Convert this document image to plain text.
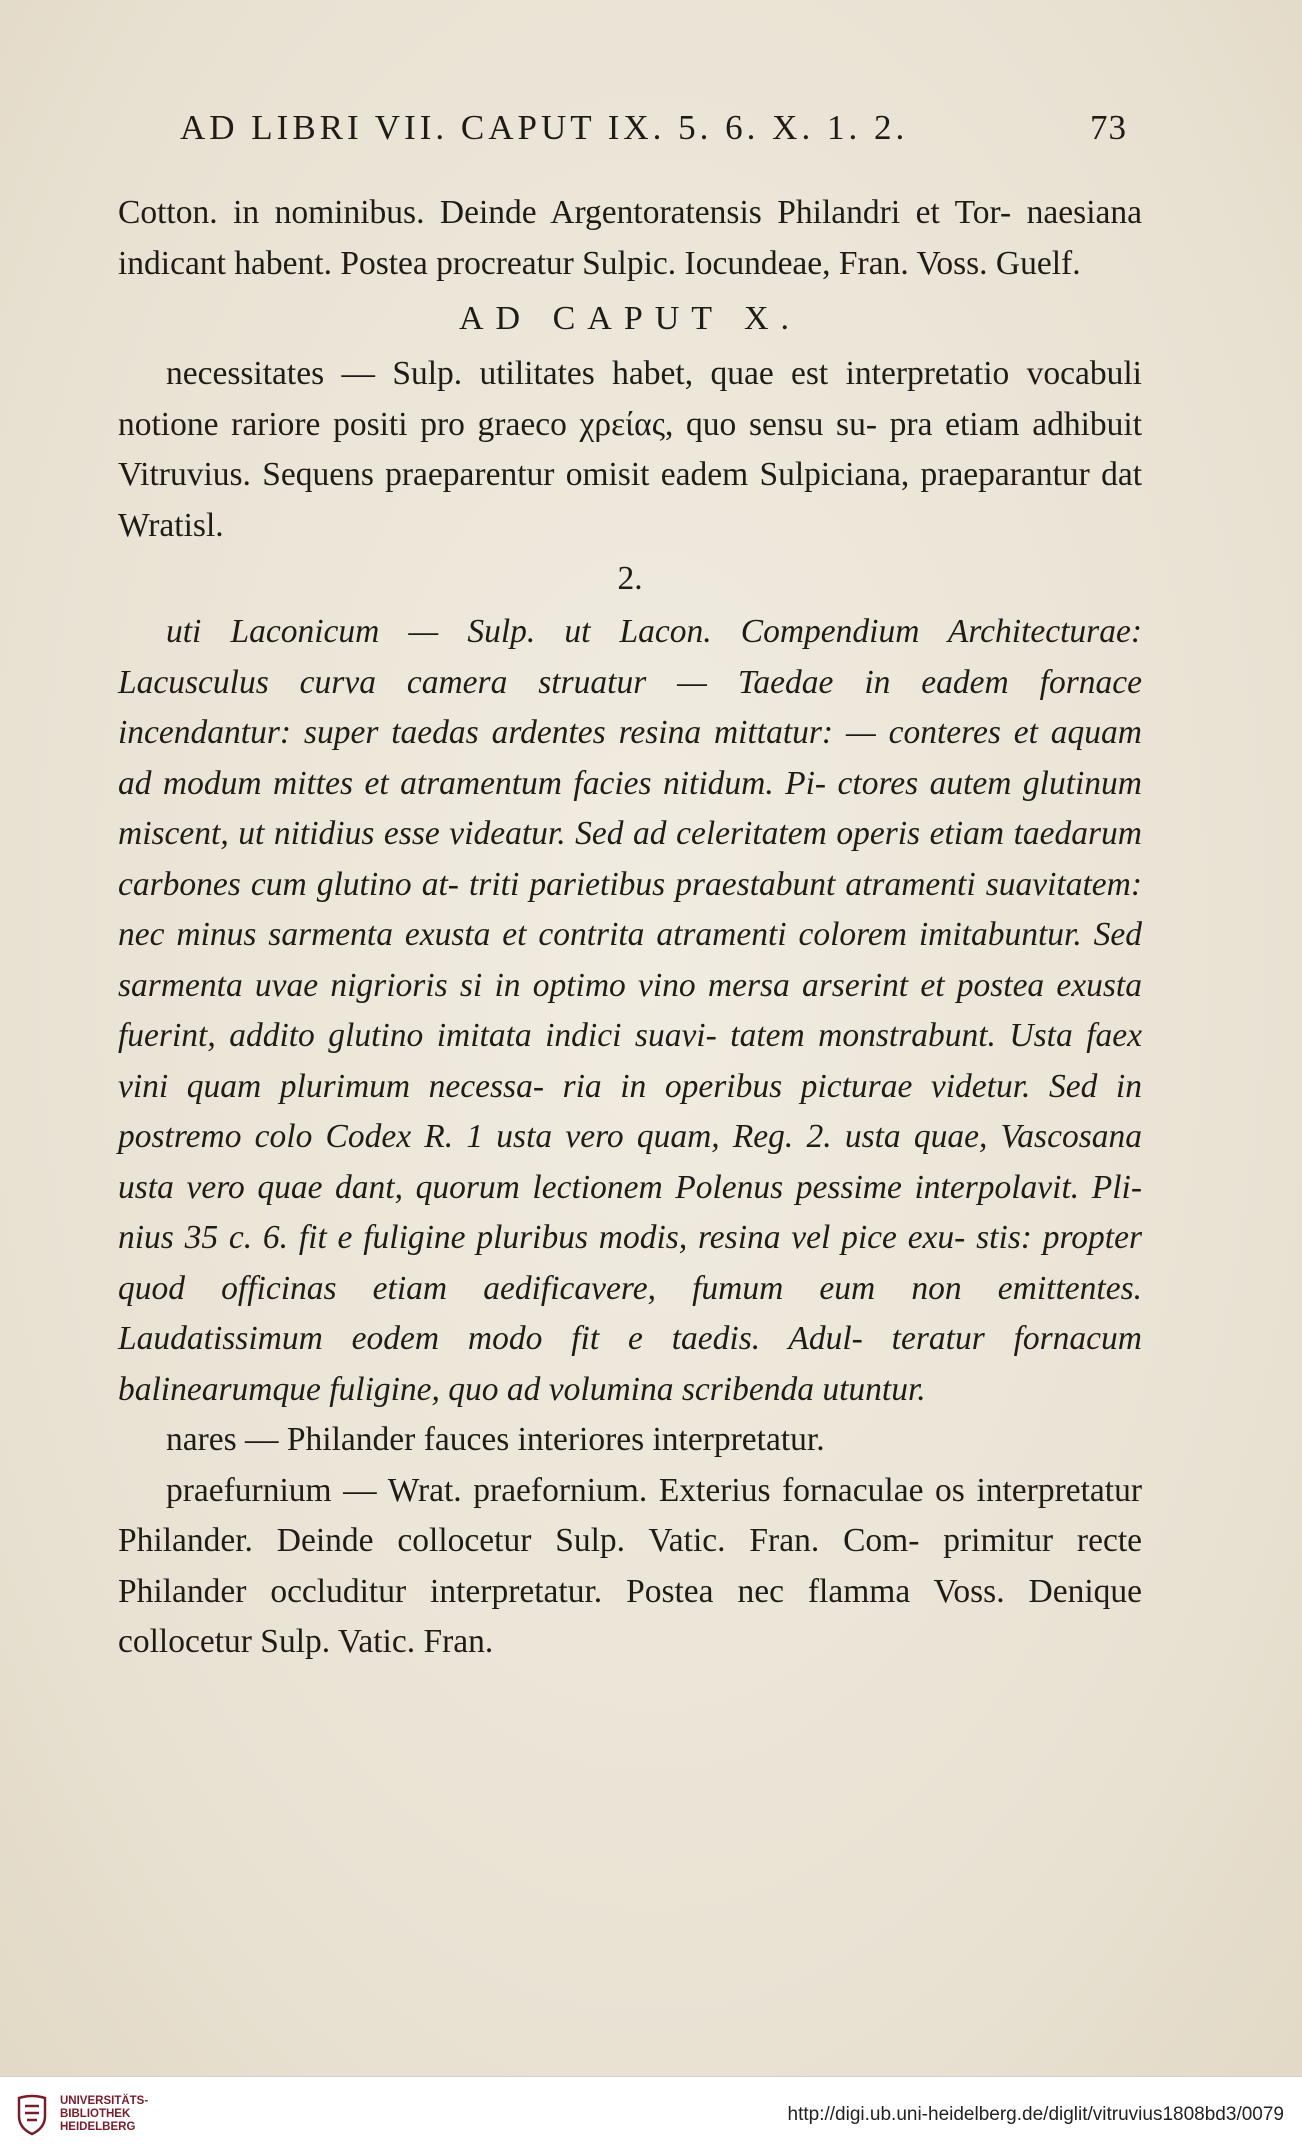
AD LIBRI VII. CAPUT IX. 5. 6. X. 1. 2.	73

Cotton. in nominibus. Deinde Argentoratensis Philandri et Tor- naesiana indicant habent. Postea procreatur Sulpic. Iocundeae, Fran. Voss. Guelf.

AD CAPUT X.

necessitates — Sulp. utilitates habet, quae est interpretatio vocabuli notione rariore positi pro graeco χρείας, quo sensu su- pra etiam adhibuit Vitruvius. Sequens praeparentur omisit eadem Sulpiciana, praeparantur dat Wratisl.

2.

uti Laconicum — Sulp. ut Lacon. Compendium Architecturae: Lacusculus curva camera struatur — Taedae in eadem fornace incendantur: super taedas ardentes resina mittatur: — conteres et aquam ad modum mittes et atramentum facies nitidum. Pi- ctores autem glutinum miscent, ut nitidius esse videatur. Sed ad celeritatem operis etiam taedarum carbones cum glutino at- triti parietibus praestabunt atramenti suavitatem: nec minus sarmenta exusta et contrita atramenti colorem imitabuntur. Sed sarmenta uvae nigrioris si in optimo vino mersa arserint et postea exusta fuerint, addito glutino imitata indici suavi- tatem monstrabunt. Usta faex vini quam plurimum necessa- ria in operibus picturae videtur. Sed in postremo colo Codex R. 1 usta vero quam, Reg. 2. usta quae, Vascosana usta vero quae dant, quorum lectionem Polenus pessime interpolavit. Pli- nius 35 c. 6. fit e fuligine pluribus modis, resina vel pice exu- stis: propter quod officinas etiam aedificavere, fumum eum non emittentes. Laudatissimum eodem modo fit e taedis. Adul- teratur fornacum balinearumque fuligine, quo ad volumina scribenda utuntur.

nares — Philander fauces interiores interpretatur.

praefurnium — Wrat. praefornium. Exterius fornaculae os interpretatur Philander. Deinde collocetur Sulp. Vatic. Fran. Com- primitur recte Philander occluditur interpretatur. Postea nec flamma Voss. Denique collocetur Sulp. Vatic. Fran.

UNIVERSITÄTS-
BIBLIOTHEK
HEIDELBERG
http://digi.ub.uni-heidelberg.de/diglit/vitruvius1808bd3/0079
